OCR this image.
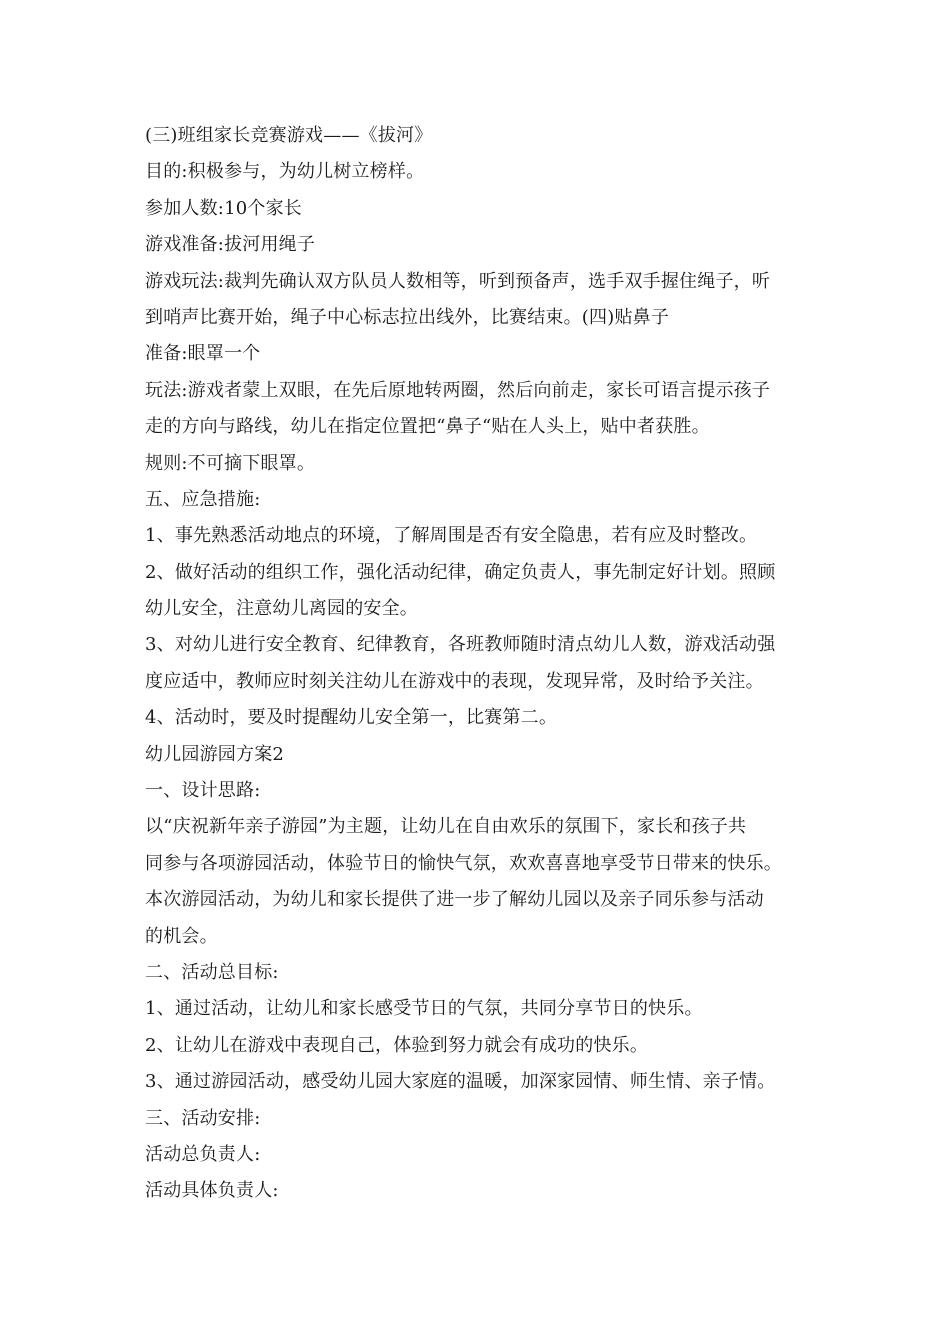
(三)班组家长竞赛游戏——《拔河》

目的:积极参与，为幼儿树立榜样。

参加人数:10个家长

游戏准备:拔河用绳子

游戏玩法:裁判先确认双方队员人数相等，听到预备声，选手双手握住绳子，听

到哨声比赛开始，绳子中心标志拉出线外，比赛结束。(四)贴鼻子

准备:眼罩一个

玩法:游戏者蒙上双眼，在先后原地转两圈，然后向前走，家长可语言提示孩子

走的方向与路线，幼儿在指定位置把“鼻子“贴在人头上，贴中者获胜。

规则:不可摘下眼罩。

五、应急措施:

1、事先熟悉活动地点的环境，了解周围是否有安全隐患，若有应及时整改。

2、做好活动的组织工作，强化活动纪律，确定负责人，事先制定好计划。照顾

幼儿安全，注意幼儿离园的安全。

3、对幼儿进行安全教育、纪律教育，各班教师随时清点幼儿人数，游戏活动强

度应适中，教师应时刻关注幼儿在游戏中的表现，发现异常，及时给予关注。

4、活动时，要及时提醒幼儿安全第一，比赛第二。

幼儿园游园方案2

一、设计思路:

以“庆祝新年亲子游园”为主题，让幼儿在自由欢乐的氛围下，家长和孩子共

同参与各项游园活动，体验节日的愉快气氛，欢欢喜喜地享受节日带来的快乐。

本次游园活动，为幼儿和家长提供了进一步了解幼儿园以及亲子同乐参与活动

的机会。

二、活动总目标:

1、通过活动，让幼儿和家长感受节日的气氛，共同分享节日的快乐。

2、让幼儿在游戏中表现自己，体验到努力就会有成功的快乐。

3、通过游园活动，感受幼儿园大家庭的温暖，加深家园情、师生情、亲子情。

三、活动安排:

活动总负责人:

活动具体负责人:
